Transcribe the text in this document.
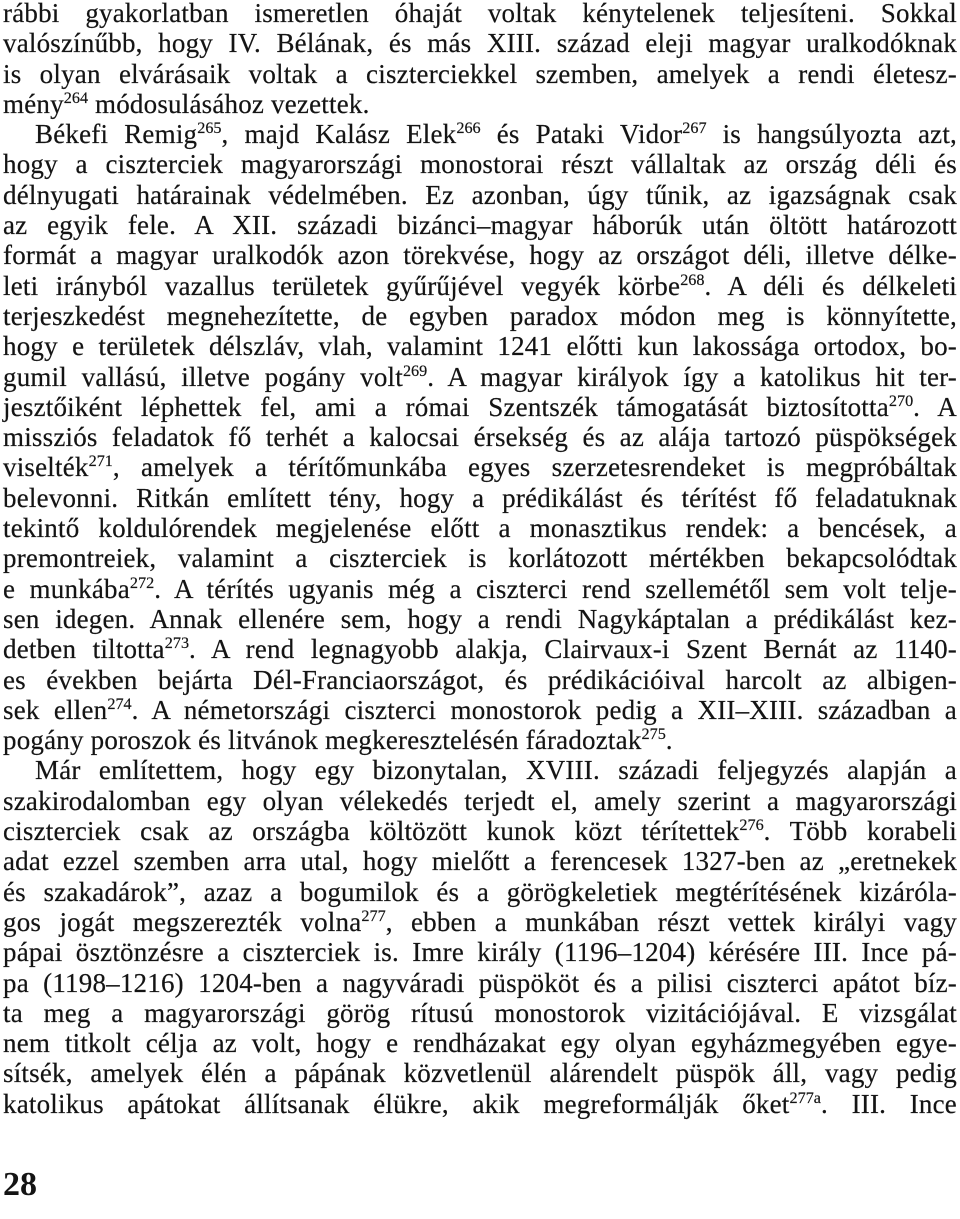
rábbi gyakorlatban ismeretlen óhaját voltak kénytelenek teljesíteni. Sokkal
valószínűbb, hogy IV. Bélának, és más XIII. század eleji magyar uralkodóknak
is olyan elvárásaik voltak a ciszterciekkel szemben, amelyek a rendi életesz-
mény$^{264}$ módosulásához vezettek.
Békefi Remig$^{265}$, majd Kalász Elek$^{266}$ és Pataki Vidor$^{267}$ is hangsúlyozta azt,
hogy a ciszterciek magyarországi monostorai részt vállaltak az ország déli és
délnyugati határainak védelmében. Ez azonban, úgy tűnik, az igazságnak csak
az egyik fele. A XII. századi bizánci–magyar háborúk után öltött határozott
formát a magyar uralkodók azon törekvése, hogy az országot déli, illetve délke-
leti irányból vazallus területek gyűrűjével vegyék körbe$^{268}$. A déli és délkeleti
terjeszkedést megnehezítette, de egyben paradox módon meg is könnyítette,
hogy e területek délszláv, vlah, valamint 1241 előtti kun lakossága ortodox, bo-
gumil vallású, illetve pogány volt$^{269}$. A magyar királyok így a katolikus hit ter-
jesztőiként léphettek fel, ami a római Szentszék támogatását biztosította$^{270}$. A
missziós feladatok fő terhét a kalocsai érsekség és az alája tartozó püspökségek
viselték$^{271}$, amelyek a térítőmunkába egyes szerzetesrendeket is megpróbáltak
belevonni. Ritkán említett tény, hogy a prédikálást és térítést fő feladatuknak
tekintő koldulórendek megjelenése előtt a monasztikus rendek: a bencések, a
premontreiek, valamint a ciszterciek is korlátozott mértékben bekapcsolódtak
e munkába$^{272}$. A térítés ugyanis még a ciszterci rend szellemétől sem volt telje-
sen idegen. Annak ellenére sem, hogy a rendi Nagykáptalan a prédikálást kez-
detben tiltotta$^{273}$. A rend legnagyobb alakja, Clairvaux-i Szent Bernát az 1140-
es években bejárta Dél-Franciaországot, és prédikációival harcolt az albigen-
sek ellen$^{274}$. A németországi ciszterci monostorok pedig a XII–XIII. században a
pogány poroszok és litvánok megkeresztelésén fáradoztak$^{275}$.
Már említettem, hogy egy bizonytalan, XVIII. századi feljegyzés alapján a
szakirodalomban egy olyan vélekedés terjedt el, amely szerint a magyarországi
ciszterciek csak az országba költözött kunok közt térítettek$^{276}$. Több korabeli
adat ezzel szemben arra utal, hogy mielőtt a ferencesek 1327-ben az „eretnekek
és szakadárok”, azaz a bogumilok és a görögkeletiek megtérítésének kizáróla-
gos jogát megszerezték volna$^{277}$, ebben a munkában részt vettek királyi vagy
pápai ösztönzésre a ciszterciek is. Imre király (1196–1204) kérésére III. Ince pá-
pa (1198–1216) 1204-ben a nagyváradi püspököt és a pilisi ciszterci apátot bíz-
ta meg a magyarországi görög rítusú monostorok vizitációjával. E vizsgálat
nem titkolt célja az volt, hogy e rendházakat egy olyan egyházmegyében egye-
sítsék, amelyek élén a pápának közvetlenül alárendelt püspök áll, vagy pedig
katolikus apátokat állítsanak élükre, akik megreformálják őket$^{277a}$. III. Ince
28
